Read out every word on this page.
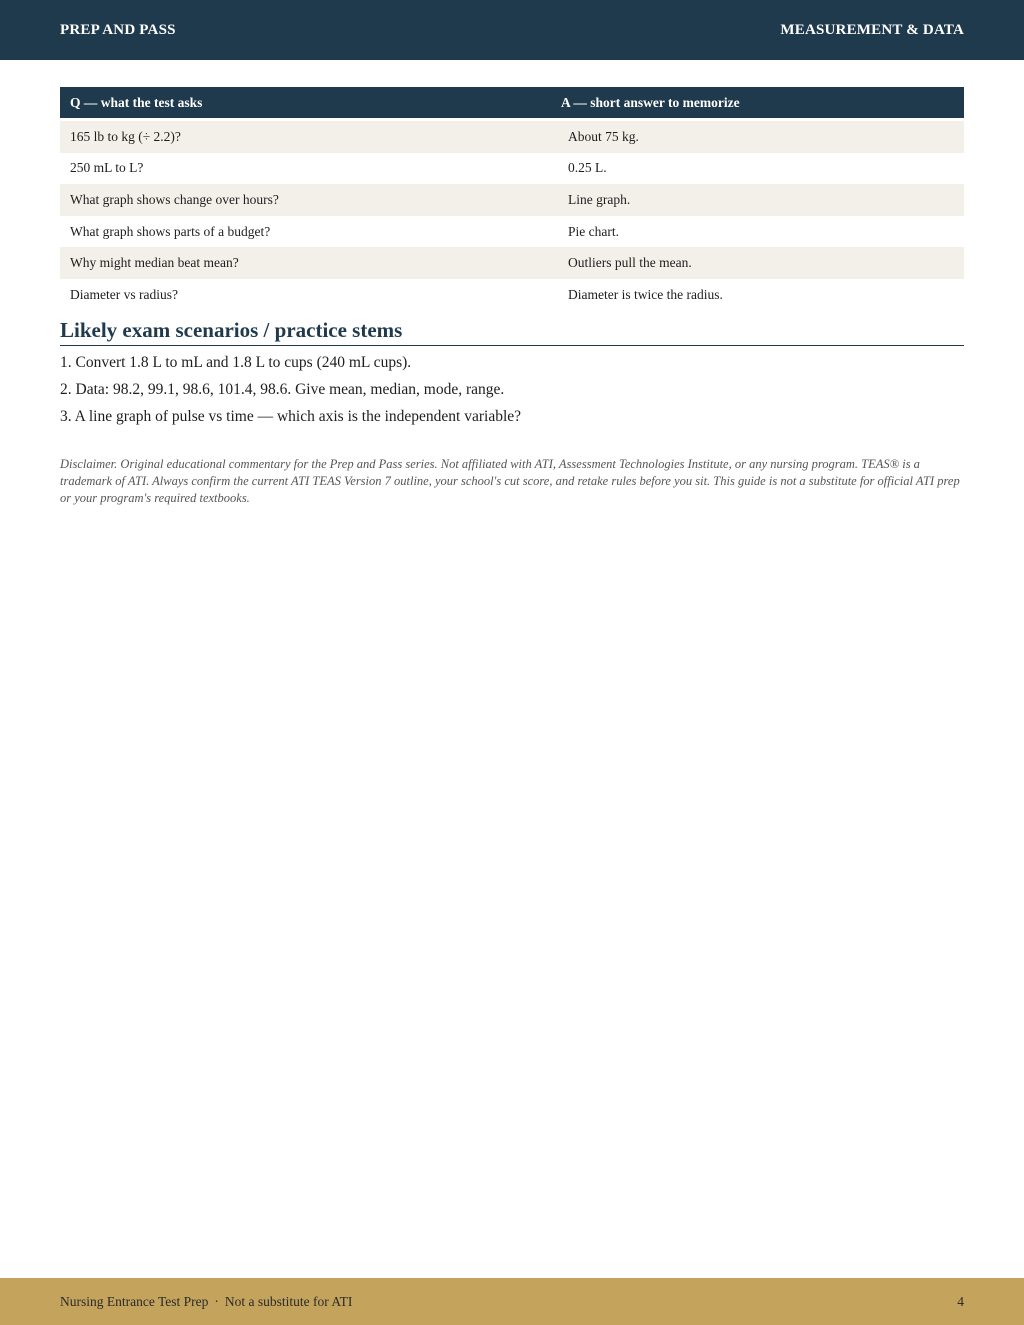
PREP AND PASS	MEASUREMENT & DATA
Q — what the test asks	A — short answer to memorize
165 lb to kg (÷ 2.2)?	About 75 kg.
250 mL to L?	0.25 L.
What graph shows change over hours?	Line graph.
What graph shows parts of a budget?	Pie chart.
Why might median beat mean?	Outliers pull the mean.
Diameter vs radius?	Diameter is twice the radius.
Likely exam scenarios / practice stems
1. Convert 1.8 L to mL and 1.8 L to cups (240 mL cups).
2. Data: 98.2, 99.1, 98.6, 101.4, 98.6. Give mean, median, mode, range.
3. A line graph of pulse vs time — which axis is the independent variable?
Disclaimer. Original educational commentary for the Prep and Pass series. Not affiliated with ATI, Assessment Technologies Institute, or any nursing program. TEAS® is a trademark of ATI. Always confirm the current ATI TEAS Version 7 outline, your school's cut score, and retake rules before you sit. This guide is not a substitute for official ATI prep or your program's required textbooks.
Nursing Entrance Test Prep · Not a substitute for ATI	4
